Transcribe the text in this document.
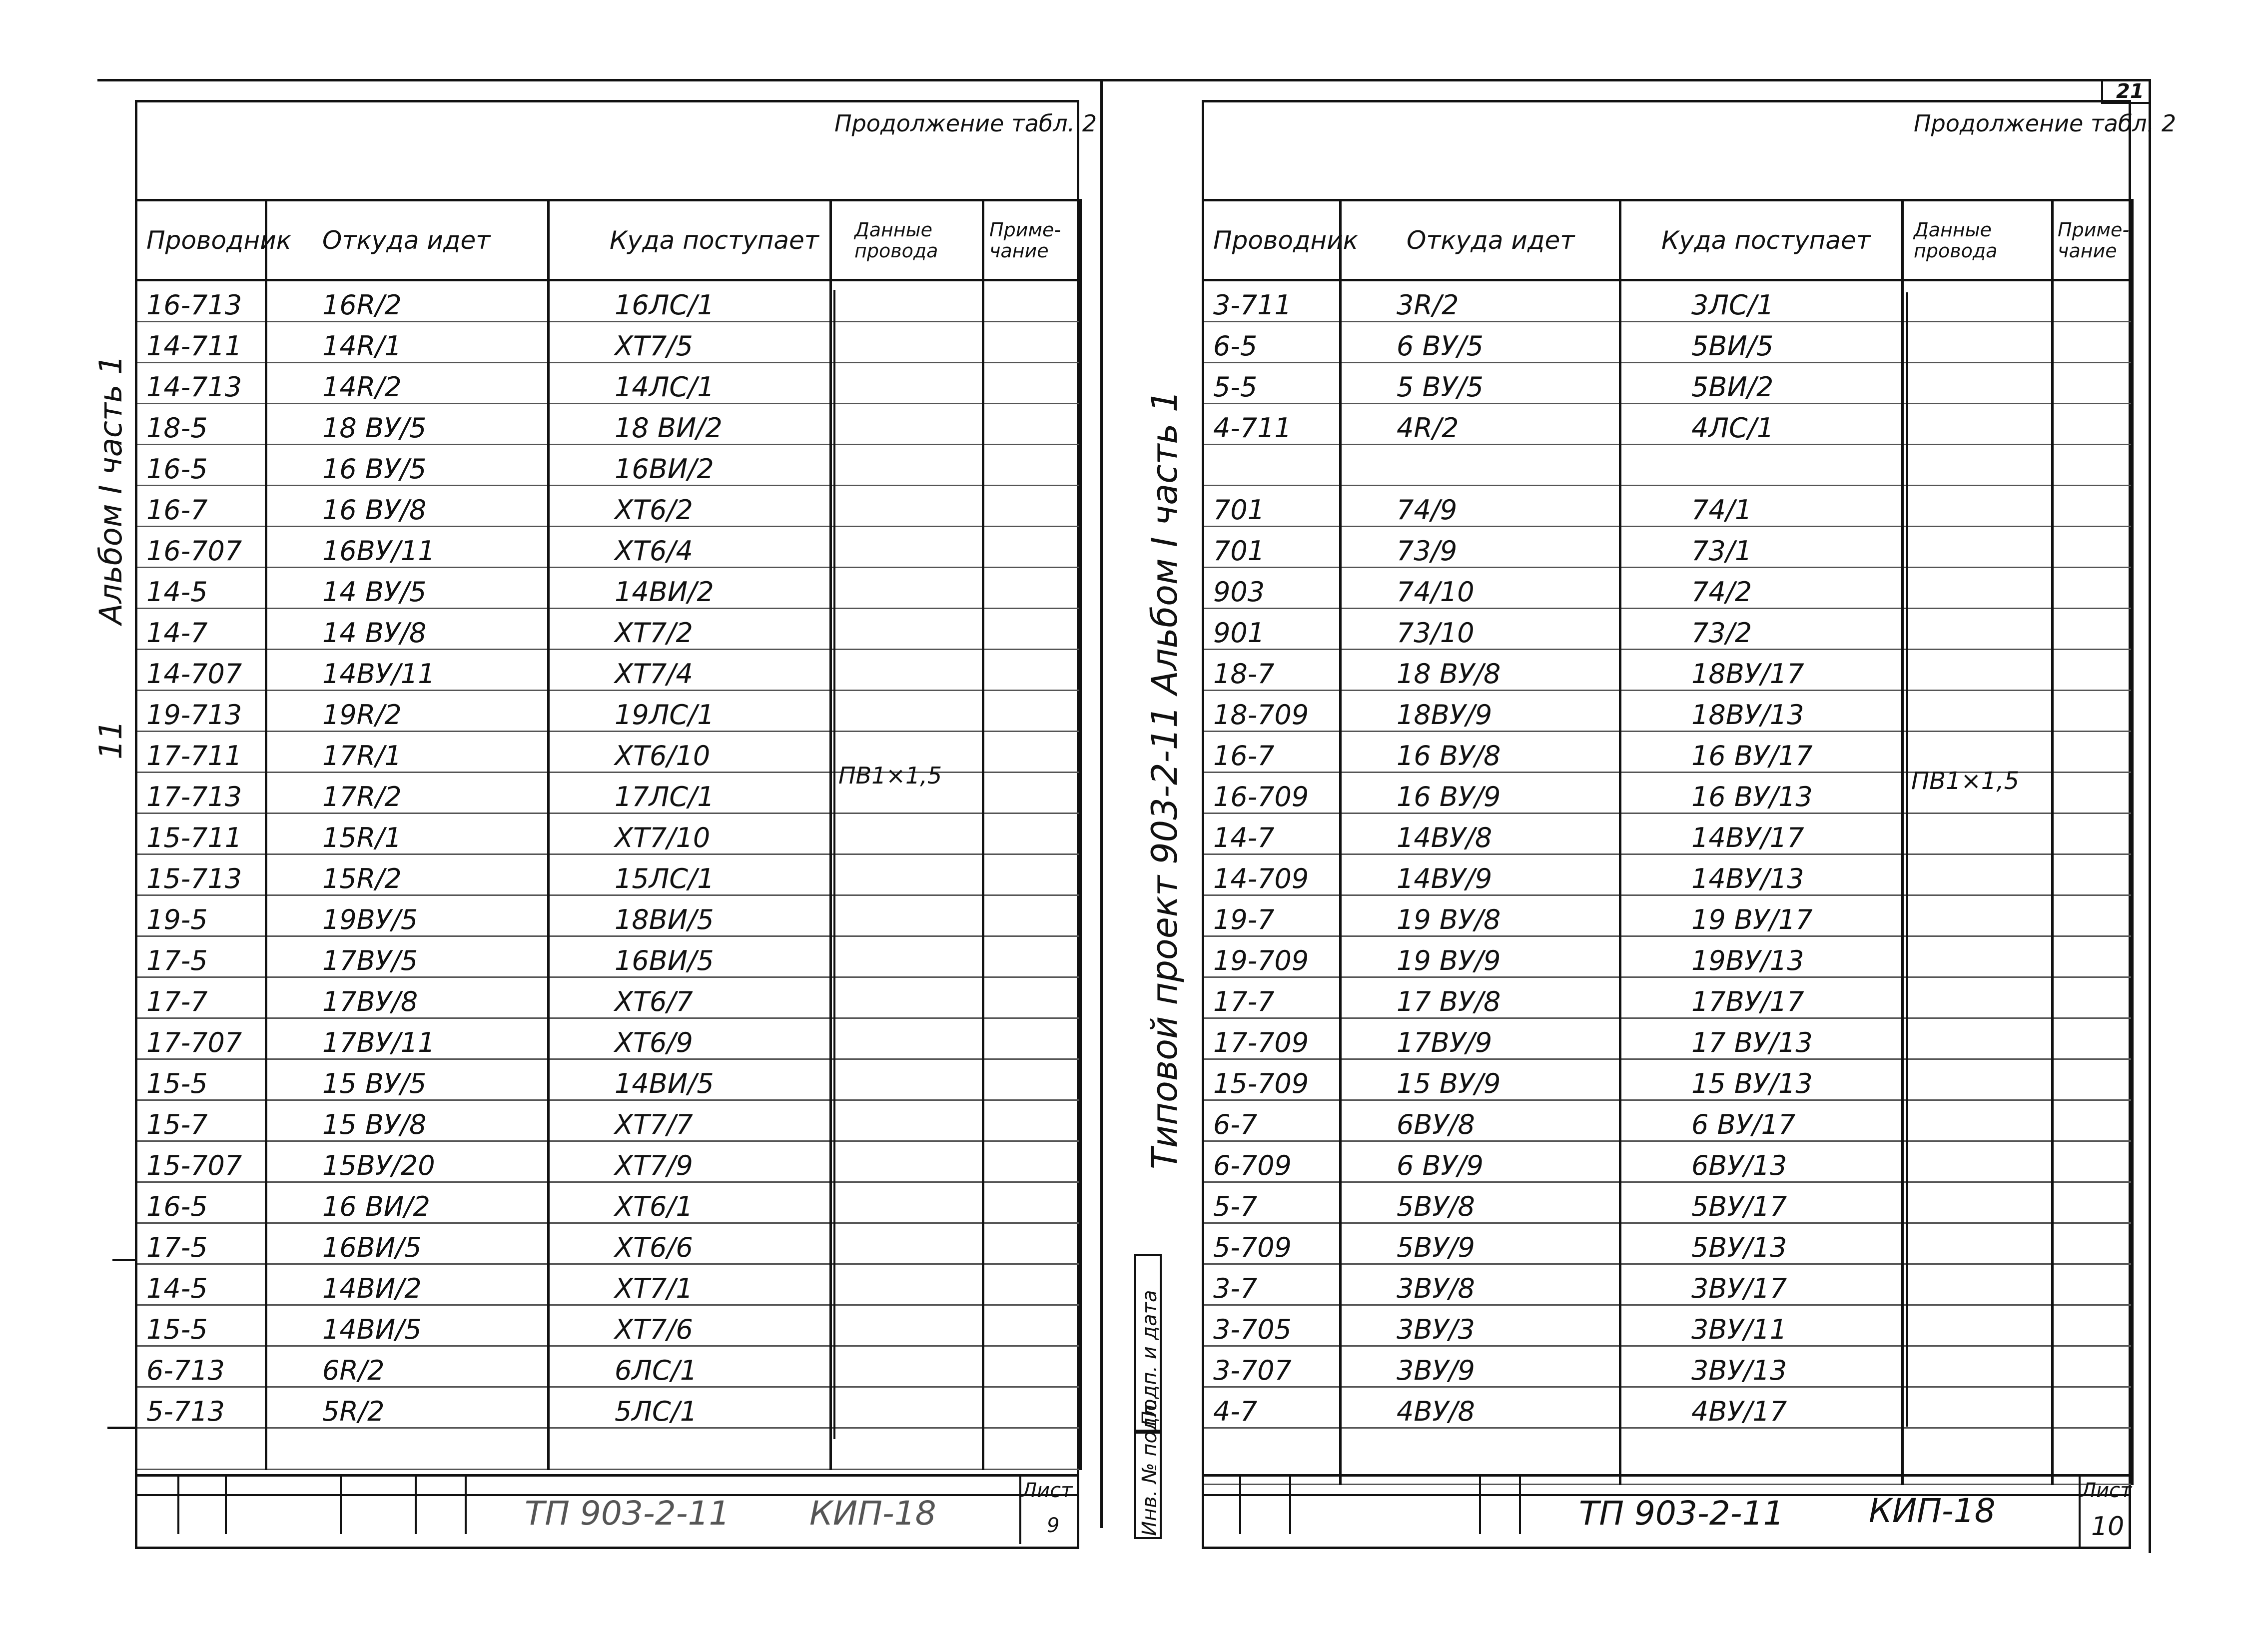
Продолжение табл. 2
Проводник	Откуда идет	Куда поступает	Данные провода	Приме-чание
16-713	16R/2	16ЛС/1		
14-711	14R/1	ХТ7/5		
14-713	14R/2	14ЛС/1		
18-5	18 ВУ/5	18 ВИ/2		
16-5	16 ВУ/5	16ВИ/2		
16-7	16 ВУ/8	ХТ6/2		
16-707	16ВУ/11	ХТ6/4		
14-5	14 ВУ/5	14ВИ/2		
14-7	14 ВУ/8	ХТ7/2		
14-707	14ВУ/11	ХТ7/4		
19-713	19R/2	19ЛС/1		
17-711	17R/1	ХТ6/10		
17-713	17R/2	17ЛС/1		
15-711	15R/1	ХТ7/10		
15-713	15R/2	15ЛС/1		
19-5	19ВУ/5	18ВИ/5		
17-5	17ВУ/5	16ВИ/5		
17-7	17ВУ/8	ХТ6/7		
17-707	17ВУ/11	ХТ6/9		
15-5	15 ВУ/5	14ВИ/5		
15-7	15 ВУ/8	ХТ7/7		
15-707	15ВУ/20	ХТ7/9		
16-5	16 ВИ/2	ХТ6/1		
17-5	16ВИ/5	ХТ6/6		
14-5	14ВИ/2	ХТ7/1		
15-5	14ВИ/5	ХТ7/6		
6-713	6R/2	6ЛС/1		
5-713	5R/2	5ЛС/1		

ПВ1×1,5
ТП 903-2-11 КИП-18
Лист
9
Альбом I часть 1
11
21
Продолжение табл. 2
Проводник	Откуда идет	Куда поступает	Данные провода	Приме-чание
3-711	3R/2	3ЛС/1		
6-5	6 ВУ/5	5ВИ/5		
5-5	5 ВУ/5	5ВИ/2		
4-711	4R/2	4ЛС/1		

701	74/9	74/1		
701	73/9	73/1		
903	74/10	74/2		
901	73/10	73/2		
18-7	18 ВУ/8	18ВУ/17		
18-709	18ВУ/9	18ВУ/13		
16-7	16 ВУ/8	16 ВУ/17		
16-709	16 ВУ/9	16 ВУ/13		
14-7	14ВУ/8	14ВУ/17		
14-709	14ВУ/9	14ВУ/13		
19-7	19 ВУ/8	19 ВУ/17		
19-709	19 ВУ/9	19ВУ/13		
17-7	17 ВУ/8	17ВУ/17		
17-709	17ВУ/9	17 ВУ/13		
15-709	15 ВУ/9	15 ВУ/13		
6-7	6ВУ/8	6 ВУ/17		
6-709	6 ВУ/9	6ВУ/13		
5-7	5ВУ/8	5ВУ/17		
5-709	5ВУ/9	5ВУ/13		
3-7	3ВУ/8	3ВУ/17		
3-705	3ВУ/3	3ВУ/11		
3-707	3ВУ/9	3ВУ/13		
4-7	4ВУ/8	4ВУ/17		

ПВ1×1,5
ТП 903-2-11	КИП-18
Лист
10
Подп. и дата
Инв. № подл.
Типовой проект 903-2-11 Альбом I часть 1
